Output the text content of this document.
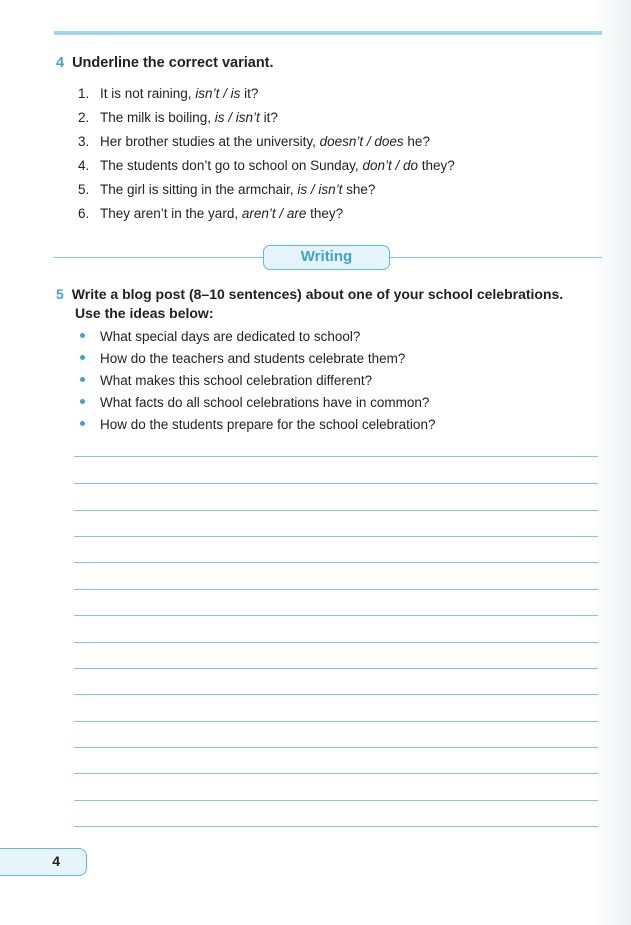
4 Underline the correct variant.
1. It is not raining, isn’t / is it?
2. The milk is boiling, is / isn’t it?
3. Her brother studies at the university, doesn’t / does he?
4. The students don’t go to school on Sunday, don’t / do they?
5. The girl is sitting in the armchair, is / isn’t she?
6. They aren’t in the yard, aren’t / are they?
Writing
5 Write a blog post (8–10 sentences) about one of your school celebrations.
Use the ideas below:
What special days are dedicated to school?
How do the teachers and students celebrate them?
What makes this school celebration different?
What facts do all school celebrations have in common?
How do the students prepare for the school celebration?
4
